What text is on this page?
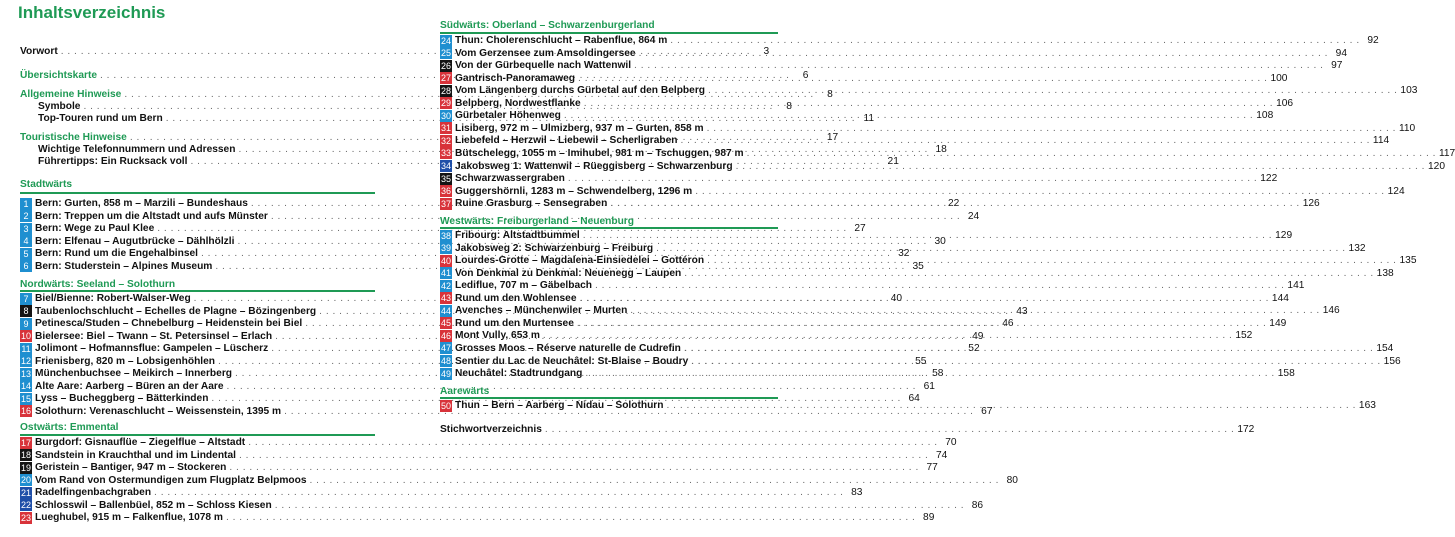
Inhaltsverzeichnis
Vorwort . . .	3
Übersichtskarte . . .	6
Allgemeine Hinweise . . .	8
Symbole . . .	8
Top-Touren rund um Bern . . .	11
Touristische Hinweise . . .	17
Wichtige Telefonnummern und Adressen . . .	18
Führertipps: Ein Rucksack voll . . .	21
Stadtwärts
1 Bern: Gurten, 858 m – Marzili – Bundeshaus . . .	22
2 Bern: Treppen um die Altstadt und aufs Münster . . .	24
3 Bern: Wege zu Paul Klee . . .	27
4 Bern: Elfenau – Augutbrücke – Dählhölzli . . .	30
5 Bern: Rund um die Engehalbinsel . . .	32
6 Bern: Studerstein – Alpines Museum . . .	35
Nordwärts: Seeland – Solothurn
7 Biel/Bienne: Robert-Walser-Weg . . .	40
8 Taubenlochschlucht – Echelles de Plagne – Bözingenberg . . .	43
9 Petinesca/Studen – Chnebelburg – Heidenstein bei Biel . . .	46
10 Bielersee: Biel – Twann – St. Petersinsel – Erlach . . .	49
11 Jolimont – Hofmannsflue: Gampelen – Lüscherz . . .	52
12 Frienisberg, 820 m – Lobsigenhöhlen . . .	55
13 Münchenbuchsee – Meikirch – Innerberg . . .	58
14 Alte Aare: Aarberg – Büren an der Aare . . .	61
15 Lyss – Bucheggberg – Bätterkinden . . .	64
16 Solothurn: Verenaschlucht – Weissenstein, 1395 m . . .	67
Ostwärts: Emmental
17 Burgdorf: Gisnauflüe – Ziegelflue – Altstadt . . .	70
18 Sandstein in Krauchthal und im Lindental . . .	74
19 Geristein – Bantiger, 947 m – Stockeren . . .	77
20 Vom Rand von Ostermundigen zum Flugplatz Belpmoos . . .	80
21 Radelfingenbachgraben . . .	83
22 Schlosswil – Ballenbüel, 852 m – Schloss Kiesen . . .	86
23 Lueghubel, 915 m – Falkenflue, 1078 m . . .	89
Südwärts: Oberland – Schwarzenburgerland
24 Thun: Cholerenschlucht – Rabenflue, 864 m . . .	92
25 Vom Gerzensee zum Amsoldingersee . . .	94
26 Von der Gürbequelle nach Wattenwil . . .	97
27 Gantrisch-Panoramaweg . . .	100
28 Vom Längenberg durchs Gürbetal auf den Belpberg . . .	103
29 Belpberg, Nordwestflanke . . .	106
30 Gürbetaler Höhenweg . . .	108
31 Lisiberg, 972 m – Ulmizberg, 937 m – Gurten, 858 m . . .	110
32 Liebefeld – Herzwil – Liebewil – Scherligraben . . .	114
33 Bütschelegg, 1055 m – Imihubel, 981 m – Tschuggen, 987 m . . .	117
34 Jakobsweg 1: Wattenwil – Rüeggisberg – Schwarzenburg . . .	120
35 Schwarzwassergraben . . .	122
36 Guggershörnli, 1283 m – Schwendelberg, 1296 m . . .	124
37 Ruine Grasburg – Sensegraben . . .	126
Westwärts: Freiburgerland – Neuenburg
38 Fribourg: Altstadtbummel . . .	129
39 Jakobsweg 2: Schwarzenburg – Freiburg . . .	132
40 Lourdes-Grotte – Magdalena-Einsiedelei – Gottéron . . .	135
41 Von Denkmal zu Denkmal: Neuenegg – Laupen . . .	138
42 Ledifluе, 707 m – Gäbelbach . . .	141
43 Rund um den Wohlensee . . .	144
44 Avenches – Münchenwiler – Murten . . .	146
45 Rund um den Murtensee . . .	149
46 Mont Vully, 653 m . . .	152
47 Grosses Moos – Réserve naturelle de Cudrefin . . .	154
48 Sentier du Lac de Neuchâtel: St-Blaise – Boudry . . .	156
49 Neuchâtel: Stadtrundgang . . .	158
Aarewärts
50 Thun – Bern – Aarberg – Nidau – Solothurn . . .	163
Stichwortverzeichnis . . .	172
